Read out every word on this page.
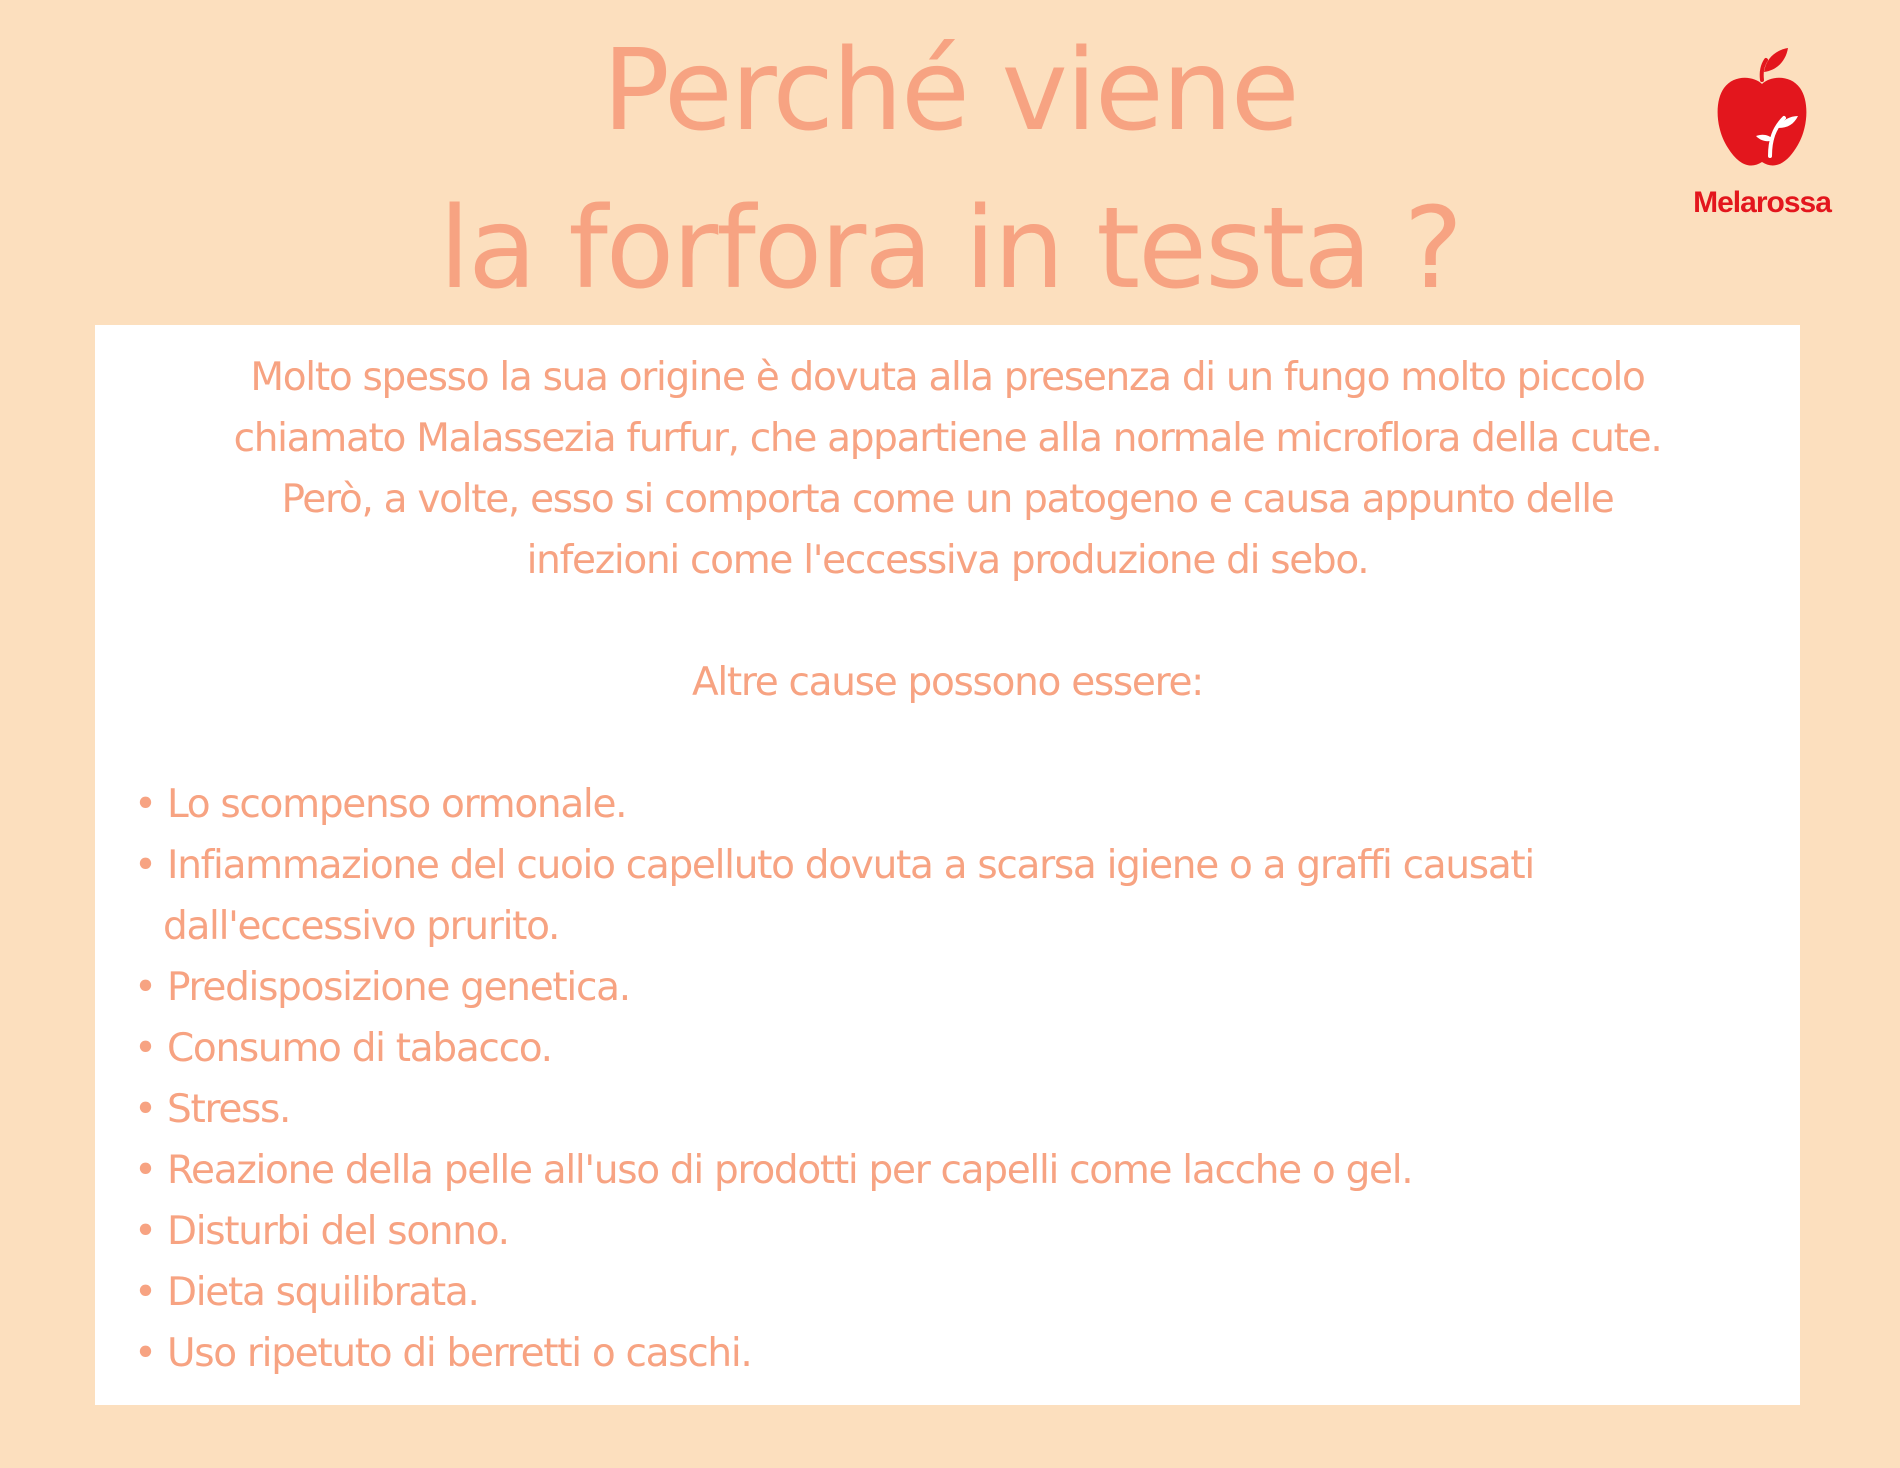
Perché viene
la forfora in testa ?	Melarossa

Molto spesso la sua origine è dovuta alla presenza di un fungo molto piccolo
chiamato Malassezia furfur, che appartiene alla normale microflora della cute.
Però, a volte, esso si comporta come un patogeno e causa appunto delle
infezioni come l'eccessiva produzione di sebo.

Altre cause possono essere:

• Lo scompenso ormonale.
• Infiammazione del cuoio capelluto dovuta a scarsa igiene o a graffi causati
dall'eccessivo prurito.
• Predisposizione genetica.
• Consumo di tabacco.
• Stress.
• Reazione della pelle all'uso di prodotti per capelli come lacche o gel.
• Disturbi del sonno.
• Dieta squilibrata.
• Uso ripetuto di berretti o caschi.
